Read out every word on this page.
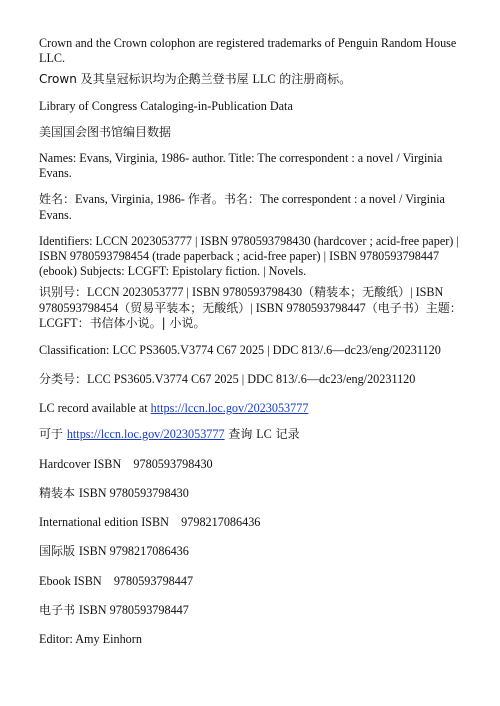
Crown and the Crown colophon are registered trademarks of Penguin Random House LLC.

Crown 及其皇冠标识均为企鹅兰登书屋 LLC 的注册商标。

Library of Congress Cataloging-in-Publication Data

美国国会图书馆编目数据

Names: Evans, Virginia, 1986- author. Title: The correspondent : a novel / Virginia Evans.

姓名：Evans, Virginia, 1986- 作者。书名：The correspondent : a novel / Virginia Evans.

Identifiers: LCCN 2023053777 | ISBN 9780593798430 (hardcover ; acid-free paper) | ISBN 9780593798454 (trade paperback ; acid-free paper) | ISBN 9780593798447 (ebook) Subjects: LCGFT: Epistolary fiction. | Novels.

识别号：LCCN 2023053777 | ISBN 9780593798430（精装本；无酸纸）| ISBN 9780593798454（贸易平装本；无酸纸）| ISBN 9780593798447（电子书）主题：LCGFT：书信体小说。| 小说。

Classification: LCC PS3605.V3774 C67 2025 | DDC 813/.6—dc23/eng/20231120

分类号：LCC PS3605.V3774 C67 2025 | DDC 813/.6—dc23/eng/20231120

LC record available at https://lccn.loc.gov/2023053777

可于 https://lccn.loc.gov/2023053777 查询 LC 记录

Hardcover ISBN    9780593798430

精装本 ISBN 9780593798430

International edition ISBN    9798217086436

国际版 ISBN 9798217086436

Ebook ISBN    9780593798447

电子书 ISBN 9780593798447

Editor: Amy Einhorn
